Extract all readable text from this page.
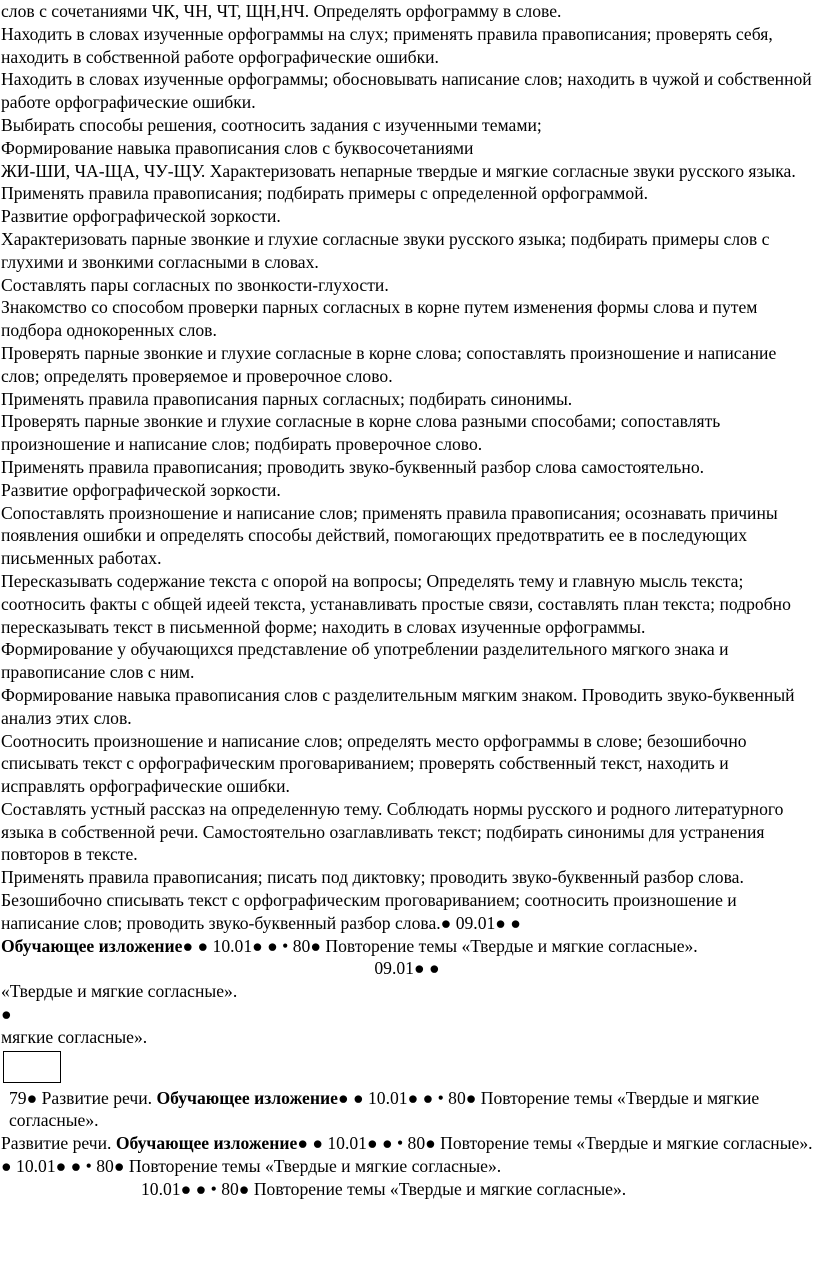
слов с сочетаниями ЧК, ЧН, ЧТ, ЩН,НЧ. Определять орфограмму в слове.

Находить в словах изученные орфограммы на слух; применять правила правописания; проверять себя, находить в собственной работе орфографические ошибки.

Находить в словах изученные орфограммы; обосновывать написание слов; находить в чужой и собственной работе орфографические ошибки.

Выбирать способы решения, соотносить задания с изученными темами;

Формирование навыка правописания слов с буквосочетаниями

ЖИ-ШИ, ЧА-ЩА, ЧУ-ЩУ. Характеризовать непарные твердые и мягкие согласные звуки русского языка.

Применять правила правописания; подбирать примеры с определенной орфограммой.

Развитие орфографической зоркости.

Характеризовать парные звонкие и глухие согласные звуки русского языка; подбирать примеры слов с глухими и звонкими согласными в словах.

Составлять пары согласных по звонкости-глухости.

Знакомство со способом проверки парных согласных в корне путем изменения формы слова и путем подбора однокоренных слов.

Проверять парные звонкие и глухие согласные в корне слова; сопоставлять произношение и написание слов; определять проверяемое и проверочное слово.

Применять правила правописания парных согласных; подбирать синонимы.

Проверять парные звонкие и глухие согласные в корне слова разными способами; сопоставлять произношение и написание слов; подбирать проверочное слово.

Применять правила правописания; проводить звуко-буквенный разбор слова самостоятельно.

Развитие орфографической зоркости.

Сопоставлять произношение и написание слов; применять правила правописания; осознавать причины появления ошибки и определять способы действий, помогающих предотвратить ее в последующих письменных работах.

Пересказывать содержание текста с опорой на вопросы; Определять тему и главную мысль текста; соотносить факты с общей идеей текста, устанавливать простые связи, составлять план текста; подробно пересказывать текст в письменной форме; находить в словах изученные орфограммы.

Формирование у обучающихся представление об употреблении разделительного мягкого знака и правописание слов с ним.

Формирование навыка правописания слов с разделительным мягким знаком. Проводить звуко-буквенный анализ этих слов.

Соотносить произношение и написание слов; определять место орфограммы в слове; безошибочно списывать текст с орфографическим проговариванием; проверять собственный текст, находить и исправлять орфографические ошибки.

Составлять устный рассказ на определенную тему. Соблюдать нормы русского и родного литературного языка в собственной речи. Самостоятельно озаглавливать текст; подбирать синонимы для устранения повторов в тексте.

Применять правила правописания; писать под диктовку; проводить звуко-буквенный разбор слова.

Безошибочно списывать текст с орфографическим проговариванием; соотносить произношение и написание слов; проводить звуко-буквенный разбор слова.● 09.01● ●

Обучающее изложение● ● 10.01● ● • 80● Повторение темы «Твердые и мягкие согласные».

09.01● ●

«Твердые и мягкие согласные».

●

мягкие согласные».

79● Развитие речи. Обучающее изложение● ● 10.01● ● • 80● Повторение темы «Твердые и мягкие согласные».

Развитие речи. Обучающее изложение● ● 10.01● ● • 80● Повторение темы «Твердые и мягкие согласные».

● 10.01● ● • 80● Повторение темы «Твердые и мягкие согласные».

10.01● ● • 80● Повторение темы «Твердые и мягкие согласные».
